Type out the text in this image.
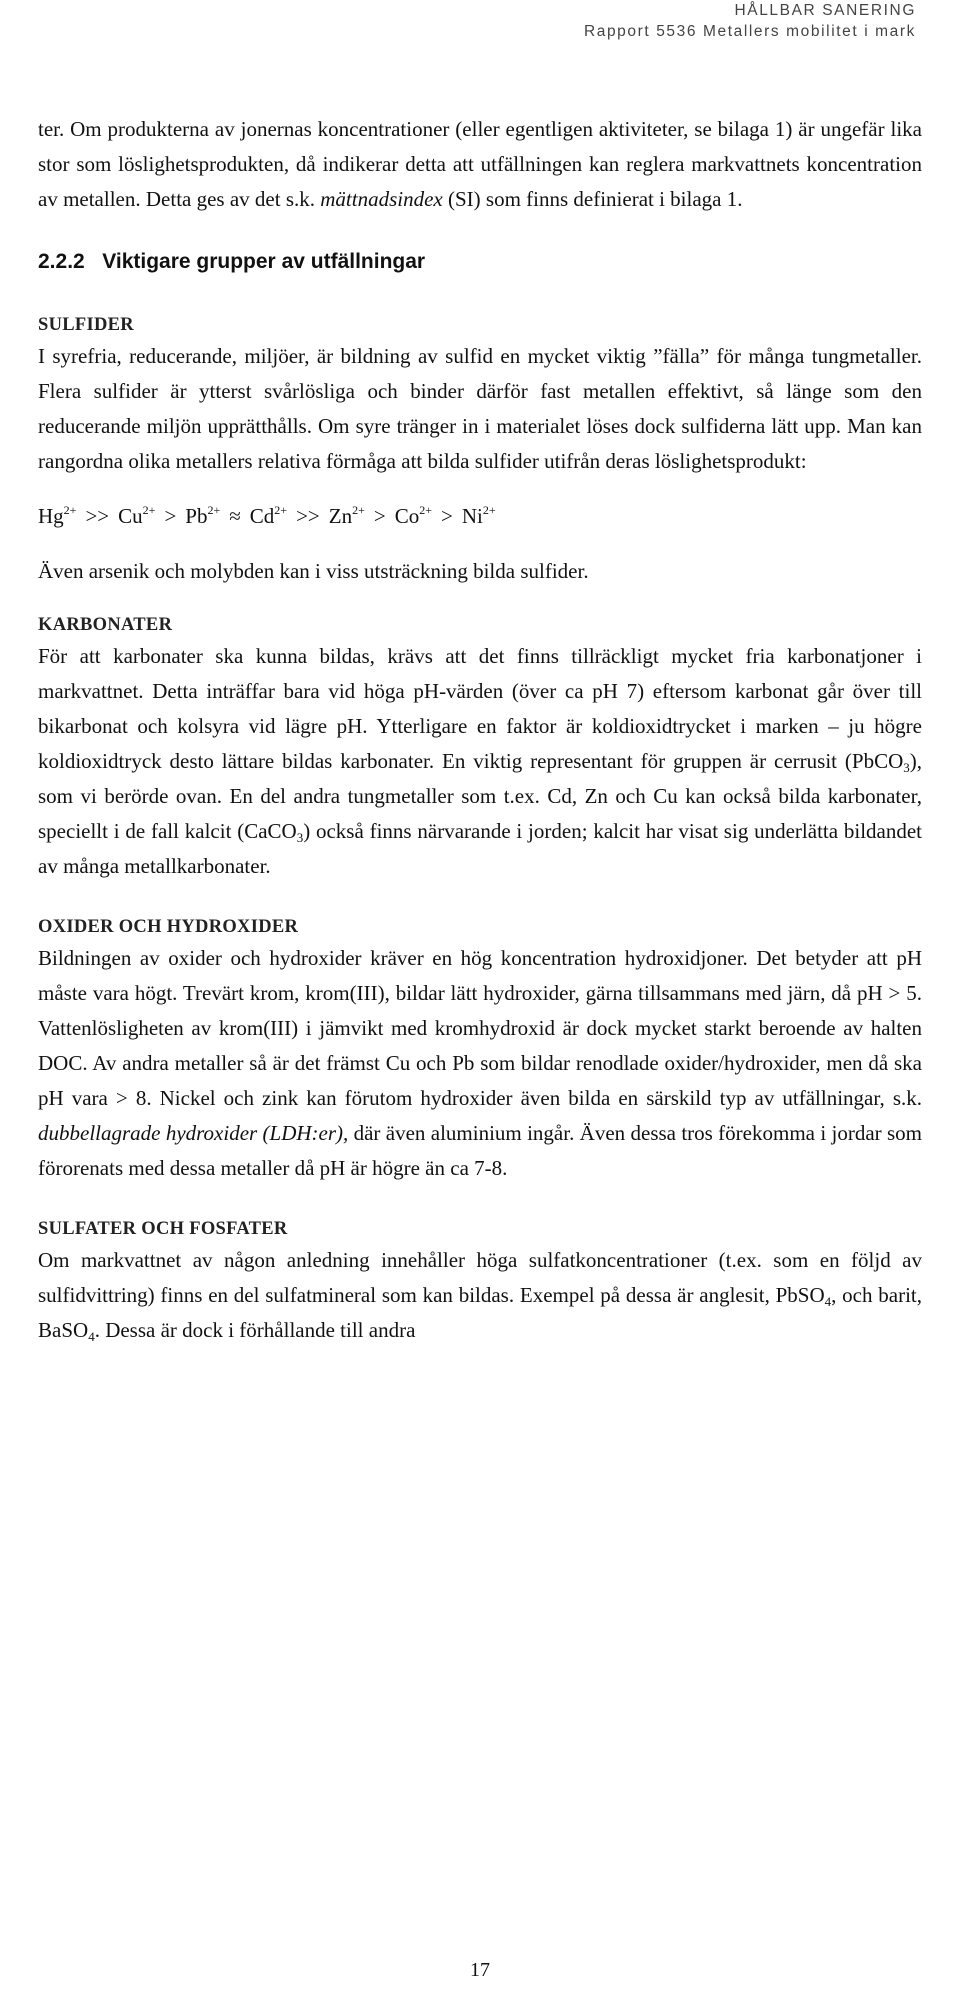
HÅLLBAR SANERING
Rapport 5536 Metallers mobilitet i mark

ter. Om produkterna av jonernas koncentrationer (eller egentligen aktiviteter, se bilaga 1) är ungefär lika stor som löslighetsprodukten, då indikerar detta att utfällningen kan reglera markvattnets koncentration av metallen. Detta ges av det s.k. mättnadsindex (SI) som finns definierat i bilaga 1.

2.2.2 Viktigare grupper av utfällningar
SULFIDER

I syrefria, reducerande, miljöer, är bildning av sulfid en mycket viktig ”fälla” för många tungmetaller. Flera sulfider är ytterst svårlösliga och binder därför fast metallen effektivt, så länge som den reducerande miljön upprätthålls. Om syre tränger in i materialet löses dock sulfiderna lätt upp. Man kan rangordna olika metallers relativa förmåga att bilda sulfider utifrån deras löslighetsprodukt:

$Hg^{2+} >> Cu^{2+} > Pb^{2+} \approx Cd^{2+} >> Zn^{2+} > Co^{2+} > Ni^{2+}$

Även arsenik och molybden kan i viss utsträckning bilda sulfider.

KARBONATER

För att karbonater ska kunna bildas, krävs att det finns tillräckligt mycket fria karbonatjoner i markvattnet. Detta inträffar bara vid höga pH-värden (över ca pH 7) eftersom karbonat går över till bikarbonat och kolsyra vid lägre pH. Ytterligare en faktor är koldioxidtrycket i marken – ju högre koldioxidtryck desto lättare bildas karbonater. En viktig representant för gruppen är cerrusit (PbCO$_3$), som vi berörde ovan. En del andra tungmetaller som t.ex. Cd, Zn och Cu kan också bilda karbonater, speciellt i de fall kalcit (CaCO$_3$) också finns närvarande i jorden; kalcit har visat sig underlätta bildandet av många metallkarbonater.

OXIDER OCH HYDROXIDER

Bildningen av oxider och hydroxider kräver en hög koncentration hydroxidjoner. Det betyder att pH måste vara högt. Trevärt krom, krom(III), bildar lätt hydroxider, gärna tillsammans med järn, då pH > 5. Vattenlösligheten av krom(III) i jämvikt med kromhydroxid är dock mycket starkt beroende av halten DOC. Av andra metaller så är det främst Cu och Pb som bildar renodlade oxider/hydroxider, men då ska pH vara > 8. Nickel och zink kan förutom hydroxider även bilda en särskild typ av utfällningar, s.k. dubbellagrade hydroxider (LDH:er), där även aluminium ingår. Även dessa tros förekomma i jordar som förorenats med dessa metaller då pH är högre än ca 7-8.

SULFATER OCH FOSFATER

Om markvattnet av någon anledning innehåller höga sulfatkoncentrationer (t.ex. som en följd av sulfidvittring) finns en del sulfatmineral som kan bildas. Exempel på dessa är anglesit, PbSO$_4$, och barit, BaSO$_4$. Dessa är dock i förhållande till andra

17
